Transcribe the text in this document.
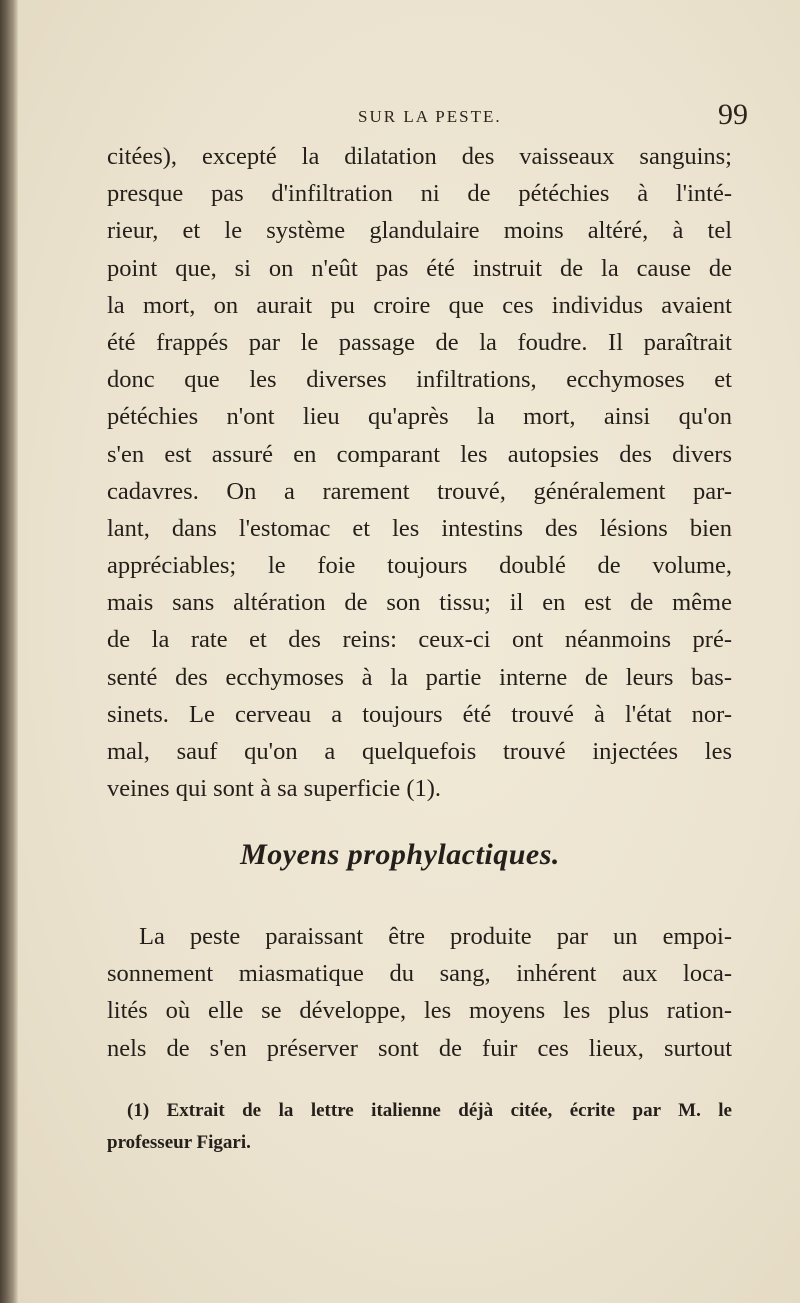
SUR LA PESTE.	99
citées), excepté la dilatation des vaisseaux sanguins;
presque pas d'infiltration ni de pétéchies à l'inté-
rieur, et le système glandulaire moins altéré, à tel
point que, si on n'eût pas été instruit de la cause de
la mort, on aurait pu croire que ces individus avaient
été frappés par le passage de la foudre. Il paraîtrait
donc que les diverses infiltrations, ecchymoses et
pétéchies n'ont lieu qu'après la mort, ainsi qu'on
s'en est assuré en comparant les autopsies des divers
cadavres. On a rarement trouvé, généralement par-
lant, dans l'estomac et les intestins des lésions bien
appréciables; le foie toujours doublé de volume,
mais sans altération de son tissu; il en est de même
de la rate et des reins: ceux-ci ont néanmoins pré-
senté des ecchymoses à la partie interne de leurs bas-
sinets. Le cerveau a toujours été trouvé à l'état nor-
mal, sauf qu'on a quelquefois trouvé injectées les
veines qui sont à sa superficie (1).
Moyens prophylactiques.
La peste paraissant être produite par un empoi-
sonnement miasmatique du sang, inhérent aux loca-
lités où elle se développe, les moyens les plus ration-
nels de s'en préserver sont de fuir ces lieux, surtout
(1) Extrait de la lettre italienne déjà citée, écrite par M. le
professeur Figari.
